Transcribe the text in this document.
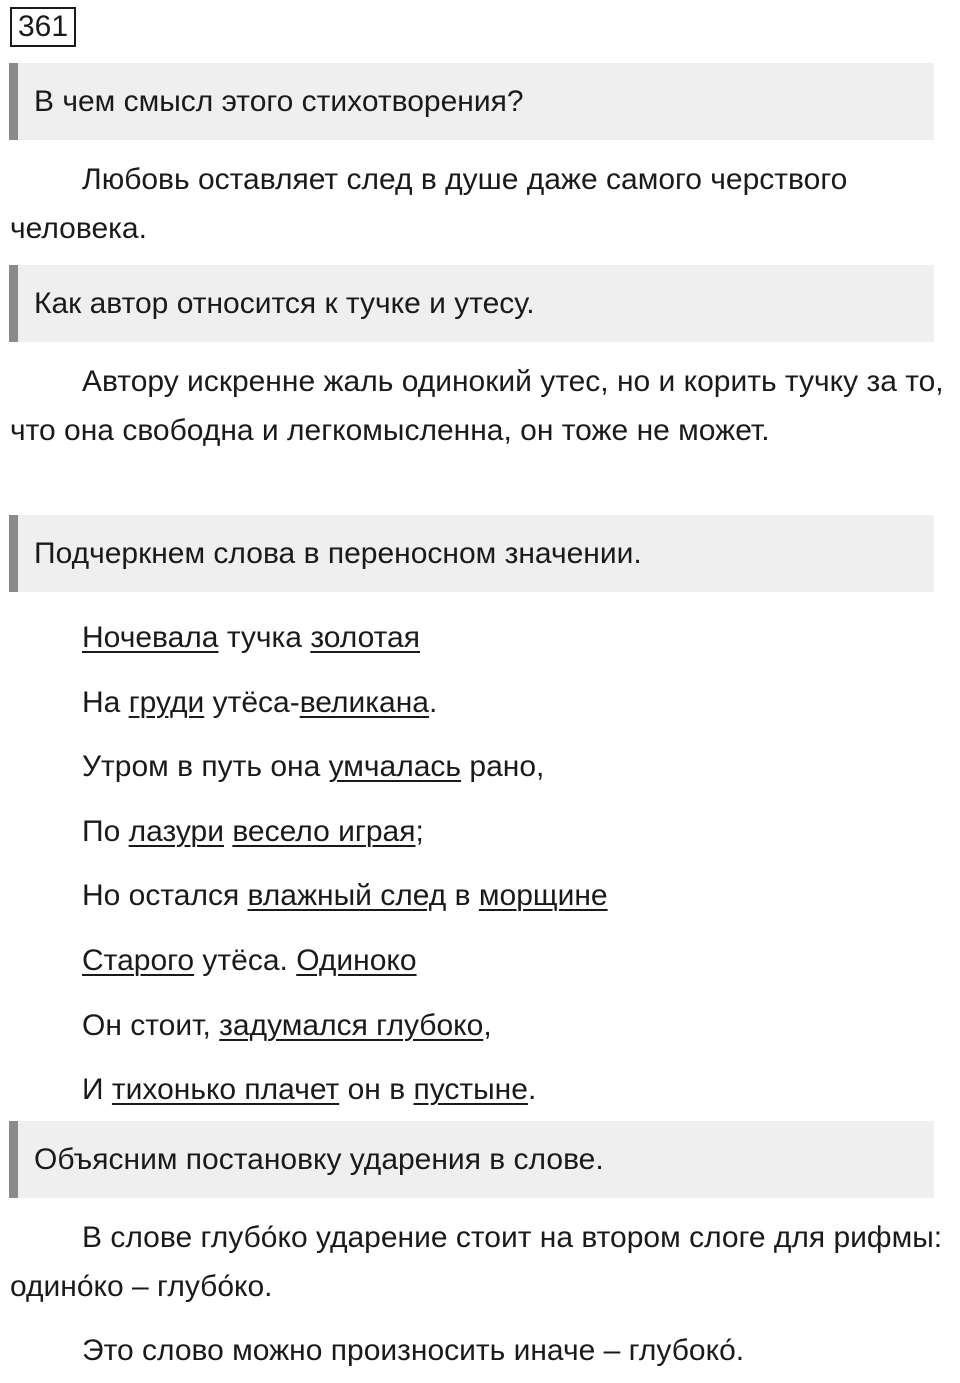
361
В чем смысл этого стихотворения?

Любовь оставляет след в душе даже самого черствого человека.

Как автор относится к тучке и утесу.

Автору искренне жаль одинокий утес, но и корить тучку за то, что она свободна и легкомысленна, он тоже не может.

Подчеркнем слова в переносном значении.
Ночевала тучка золотая
На груди утёса-великана.
Утром в путь она умчалась рано,
По лазури весело играя;
Но остался влажный след в морщине
Старого утёса. Одиноко
Он стоит, задумался глубоко,
И тихонько плачет он в пустыне.
Объясним постановку ударения в слове.

В слове глубо́ко ударение стоит на втором слоге для рифмы: одино́ко – глубо́ко.

Это слово можно произносить иначе – глубоко́.
